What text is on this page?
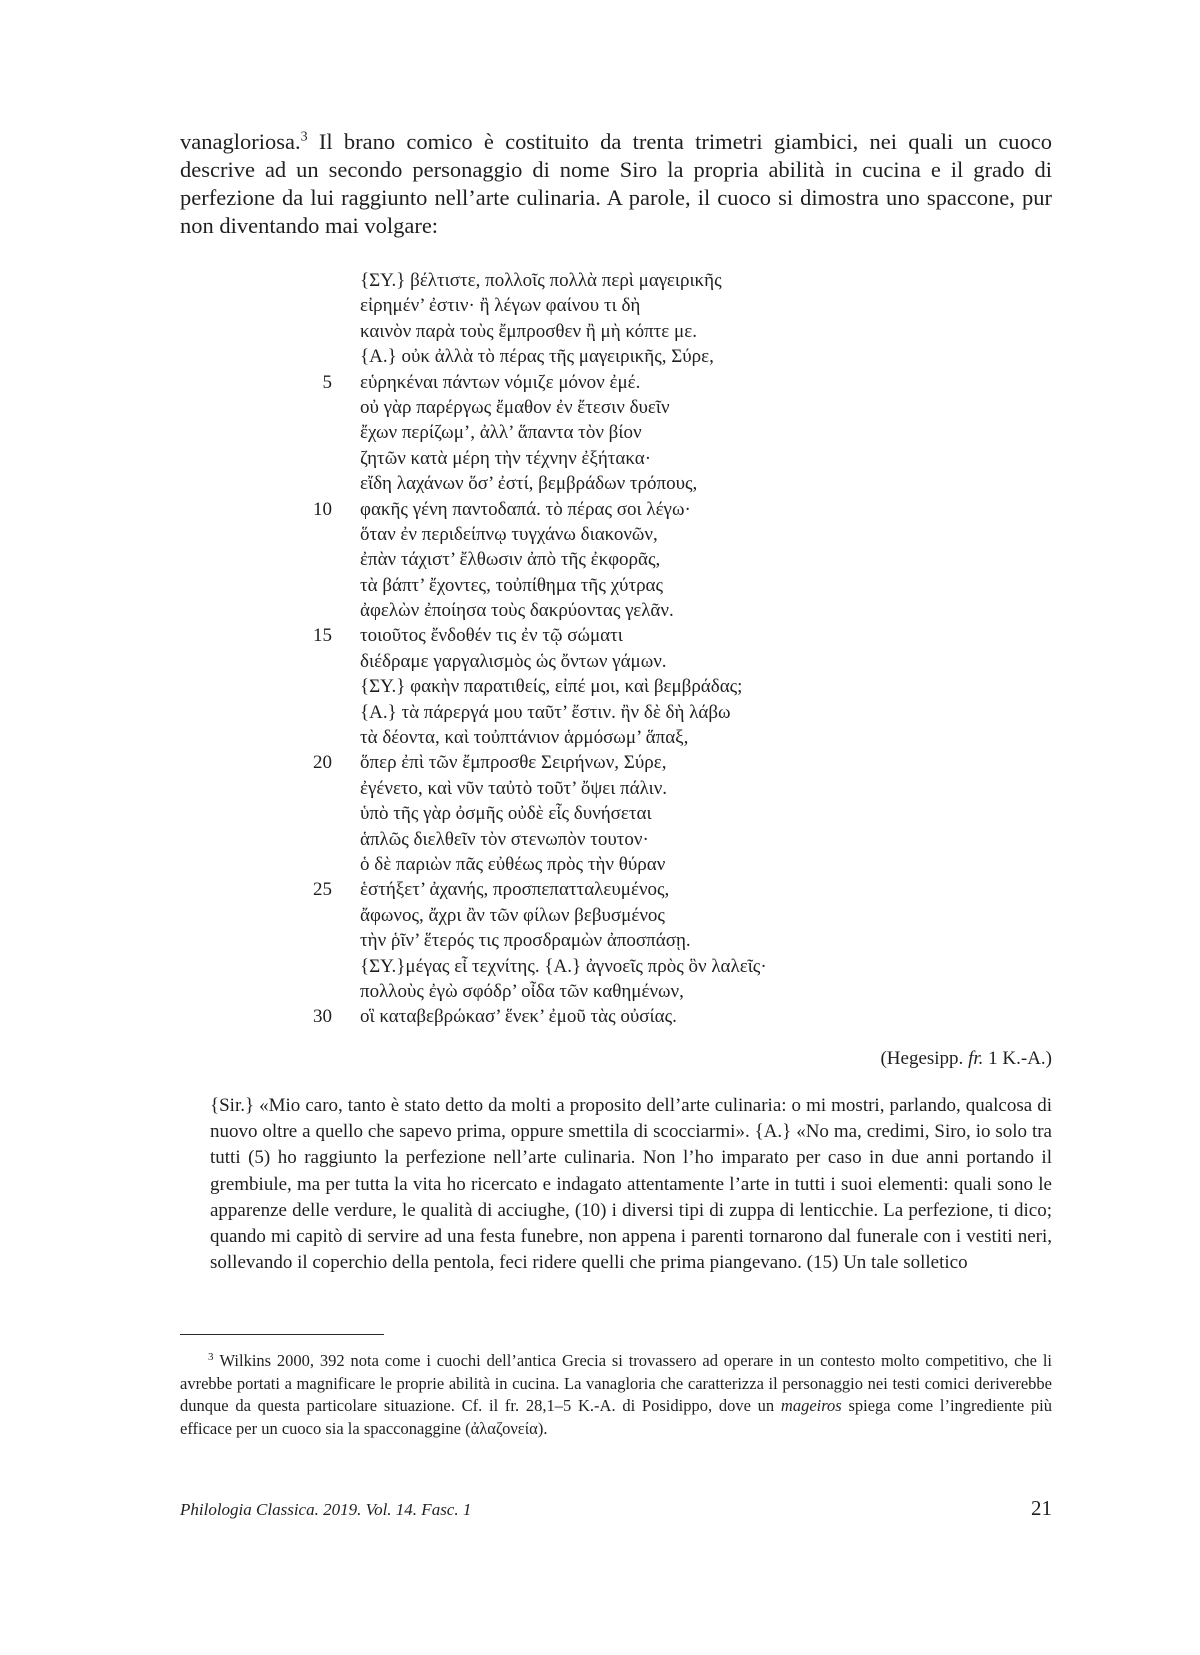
vanagloriosa.$^3$ Il brano comico è costituito da trenta trimetri giambici, nei quali un cuoco descrive ad un secondo personaggio di nome Siro la propria abilità in cucina e il grado di perfezione da lui raggiunto nell’arte culinaria. A parole, il cuoco si dimostra uno spaccone, pur non diventando mai volgare:
{ΣΥ.} βέλτιστε, πολλοῖς πολλὰ περὶ μαγειρικῆς
εἰρημέν’ ἐστιν· ἢ λέγων φαίνου τι δὴ
καινὸν παρὰ τοὺς ἔμπροσθεν ἢ μὴ κόπτε με.
{Α.} οὐκ ἀλλὰ τὸ πέρας τῆς μαγειρικῆς, Σύρε,
5 εὑρηκέναι πάντων νόμιζε μόνον ἐμέ.
οὐ γὰρ παρέργως ἔμαθον ἐν ἔτεσιν δυεῖν
ἔχων περίζωμ’, ἀλλ’ ἅπαντα τὸν βίον
ζητῶν κατὰ μέρη τὴν τέχνην ἐξήτακα·
εἴδη λαχάνων ὅσ’ ἐστί, βεμβράδων τρόπους,
10 φακῆς γένη παντοδαπά. τὸ πέρας σοι λέγω·
ὅταν ἐν περιδείπνῳ τυγχάνω διακονῶν,
ἐπὰν τάχιστ’ ἔλθωσιν ἀπὸ τῆς ἐκφορᾶς,
τὰ βάπτ’ ἔχοντες, τοὐπίθημα τῆς χύτρας
ἀφελὼν ἐποίησα τοὺς δακρύοντας γελᾶν.
15 τοιοῦτος ἔνδοθέν τις ἐν τῷ σώματι
διέδραμε γαργαλισμὸς ὡς ὄντων γάμων.
{ΣΥ.} φακὴν παρατιθείς, εἰπέ μοι, καὶ βεμβράδας;
{Α.} τὰ πάρεργά μου ταῦτ’ ἔστιν. ἢν δὲ δὴ λάβω
τὰ δέοντα, καὶ τοὐπτάνιον ἁρμόσωμ’ ἅπαξ,
20 ὅπερ ἐπὶ τῶν ἔμπροσθε Σειρήνων, Σύρε,
ἐγένετο, καὶ νῦν ταὐτὸ τοῦτ’ ὄψει πάλιν.
ὑπὸ τῆς γὰρ ὀσμῆς οὐδὲ εἷς δυνήσεται
ἁπλῶς διελθεῖν τὸν στενωπὸν τουτον·
ὁ δὲ παριὼν πᾶς εὐθέως πρὸς τὴν θύραν
25 ἑστήξετ’ ἀχανής, προσπεπατταλευμένος,
ἄφωνος, ἄχρι ἂν τῶν φίλων βεβυσμένος
τὴν ῥῖν’ ἕτερός τις προσδραμὼν ἀποσπάσῃ.
{ΣΥ.}μέγας εἶ τεχνίτης. {Α.} ἀγνοεῖς πρὸς ὃν λαλεῖς·
πολλοὺς ἐγὼ σφόδρ’ οἶδα τῶν καθημένων,
30 οἳ καταβεβρώκασ’ ἕνεκ’ ἐμοῦ τὰς οὐσίας.
(Hegesipp. fr. 1 K.-A.)
{Sir.} «Mio caro, tanto è stato detto da molti a proposito dell’arte culinaria: o mi mostri, parlando, qualcosa di nuovo oltre a quello che sapevo prima, oppure smettila di scocciarmi». {A.} «No ma, credimi, Siro, io solo tra tutti (5) ho raggiunto la perfezione nell’arte culinaria. Non l’ho imparato per caso in due anni portando il grembiule, ma per tutta la vita ho ricercato e indagato attentamente l’arte in tutti i suoi elementi: quali sono le apparenze delle verdure, le qualità di acciughe, (10) i diversi tipi di zuppa di lenticchie. La perfezione, ti dico; quando mi capitò di servire ad una festa funebre, non appena i parenti tornarono dal funerale con i vestiti neri, sollevando il coperchio della pentola, feci ridere quelli che prima piangevano. (15) Un tale solletico
$^3$ Wilkins 2000, 392 nota come i cuochi dell’antica Grecia si trovassero ad operare in un contesto molto competitivo, che li avrebbe portati a magnificare le proprie abilità in cucina. La vanagloria che caratterizza il personaggio nei testi comici deriverebbe dunque da questa particolare situazione. Cf. il fr. 28,1–5 K.-A. di Posidippo, dove un mageiros spiega come l’ingrediente più efficace per un cuoco sia la spacconaggine (ἀλαζονεία).
Philologia Classica. 2019. Vol. 14. Fasc. 1	21
